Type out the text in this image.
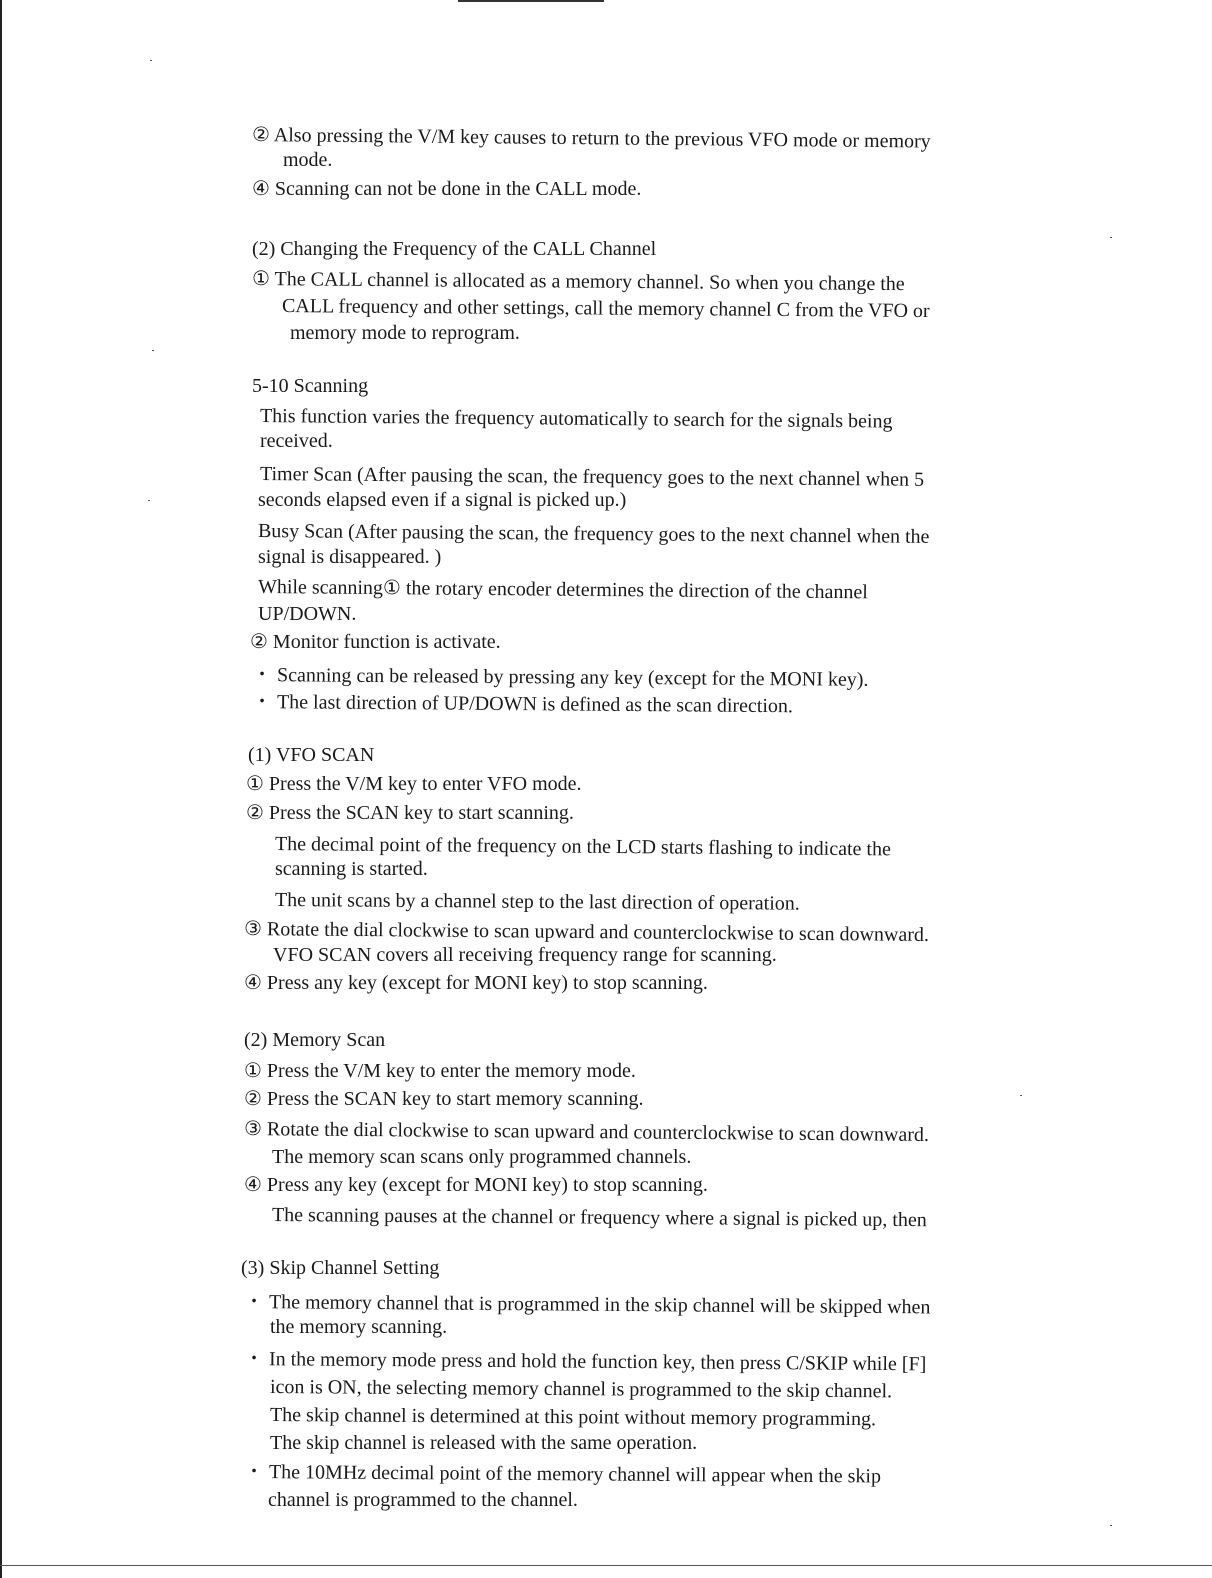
② Also pressing the V/M key causes to return to the previous VFO mode or memory
mode.
④ Scanning can not be done in the CALL mode.
(2) Changing the Frequency of the CALL Channel
① The CALL channel is allocated as a memory channel. So when you change the
CALL frequency and other settings, call the memory channel C from the VFO or
memory mode to reprogram.
5-10 Scanning
This function varies the frequency automatically to search for the signals being
received.
Timer Scan (After pausing the scan, the frequency goes to the next channel when 5
seconds elapsed even if a signal is picked up.)
Busy Scan (After pausing the scan, the frequency goes to the next channel when the
signal is disappeared. )
While scanning① the rotary encoder determines the direction of the channel
UP/DOWN.
② Monitor function is activate.
・ Scanning can be released by pressing any key (except for the MONI key).
・ The last direction of UP/DOWN is defined as the scan direction.
(1) VFO SCAN
① Press the V/M key to enter VFO mode.
② Press the SCAN key to start scanning.
The decimal point of the frequency on the LCD starts flashing to indicate the
scanning is started.
The unit scans by a channel step to the last direction of operation.
③ Rotate the dial clockwise to scan upward and counterclockwise to scan downward.
VFO SCAN covers all receiving frequency range for scanning.
④ Press any key (except for MONI key) to stop scanning.
(2) Memory Scan
① Press the V/M key to enter the memory mode.
② Press the SCAN key to start memory scanning.
③ Rotate the dial clockwise to scan upward and counterclockwise to scan downward.
The memory scan scans only programmed channels.
④ Press any key (except for MONI key) to stop scanning.
The scanning pauses at the channel or frequency where a signal is picked up, then
(3) Skip Channel Setting
・ The memory channel that is programmed in the skip channel will be skipped when
the memory scanning.
・ In the memory mode press and hold the function key, then press C/SKIP while [F]
icon is ON, the selecting memory channel is programmed to the skip channel.
The skip channel is determined at this point without memory programming.
The skip channel is released with the same operation.
・ The 10MHz decimal point of the memory channel will appear when the skip
channel is programmed to the channel.
